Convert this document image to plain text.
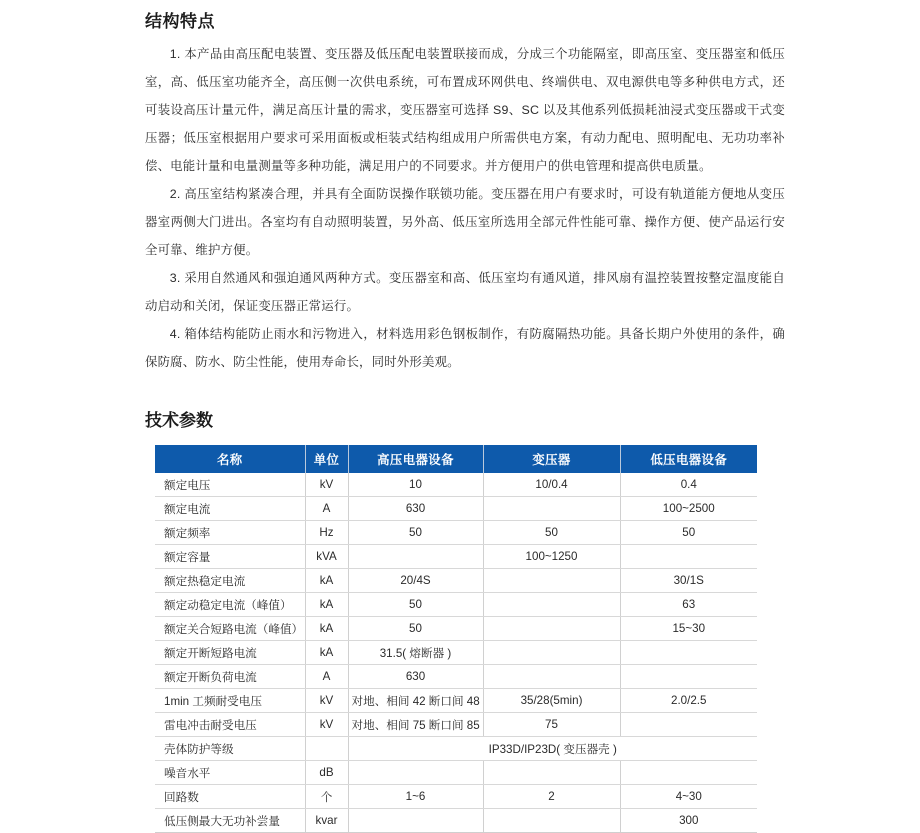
结构特点

1. 本产品由高压配电装置、变压器及低压配电装置联接而成，分成三个功能隔室，即高压室、变压器室和低压室，高、低压室功能齐全，高压侧一次供电系统，可布置成环网供电、终端供电、双电源供电等多种供电方式，还可装设高压计量元件，满足高压计量的需求，变压器室可选择 S9、SC 以及其他系列低损耗油浸式变压器或干式变压器；低压室根据用户要求可采用面板或柜装式结构组成用户所需供电方案，有动力配电、照明配电、无功功率补偿、电能计量和电量测量等多种功能，满足用户的不同要求。并方便用户的供电管理和提高供电质量。

2. 高压室结构紧凑合理，并具有全面防误操作联锁功能。变压器在用户有要求时，可设有轨道能方便地从变压器室两侧大门进出。各室均有自动照明装置，另外高、低压室所选用全部元件性能可靠、操作方便、使产品运行安全可靠、维护方便。

3. 采用自然通风和强迫通风两种方式。变压器室和高、低压室均有通风道，排风扇有温控装置按整定温度能自动启动和关闭，保证变压器正常运行。

4. 箱体结构能防止雨水和污物进入，材料选用彩色钢板制作，有防腐隔热功能。具备长期户外使用的条件，确保防腐、防水、防尘性能，使用寿命长，同时外形美观。

技术参数
名称	单位	高压电器设备	变压器	低压电器设备
额定电压	kV	10	10/0.4	0.4
额定电流	A	630		100~2500
额定频率	Hz	50	50	50
额定容量	kVA		100~1250	
额定热稳定电流	kA	20/4S		30/1S
额定动稳定电流（峰值）	kA	50		63
额定关合短路电流（峰值）	kA	50		15~30
额定开断短路电流	kA	31.5( 熔断器 )		
额定开断负荷电流	A	630		
1min 工频耐受电压	kV	对地、相间 42 断口间 48	35/28(5min)	2.0/2.5
雷电冲击耐受电压	kV	对地、相间 75 断口间 85	75	
壳体防护等级		IP33D/IP23D( 变压器壳 )		
噪音水平	dB			
回路数	个	1~6	2	4~30
低压侧最大无功补尝量	kvar			300
